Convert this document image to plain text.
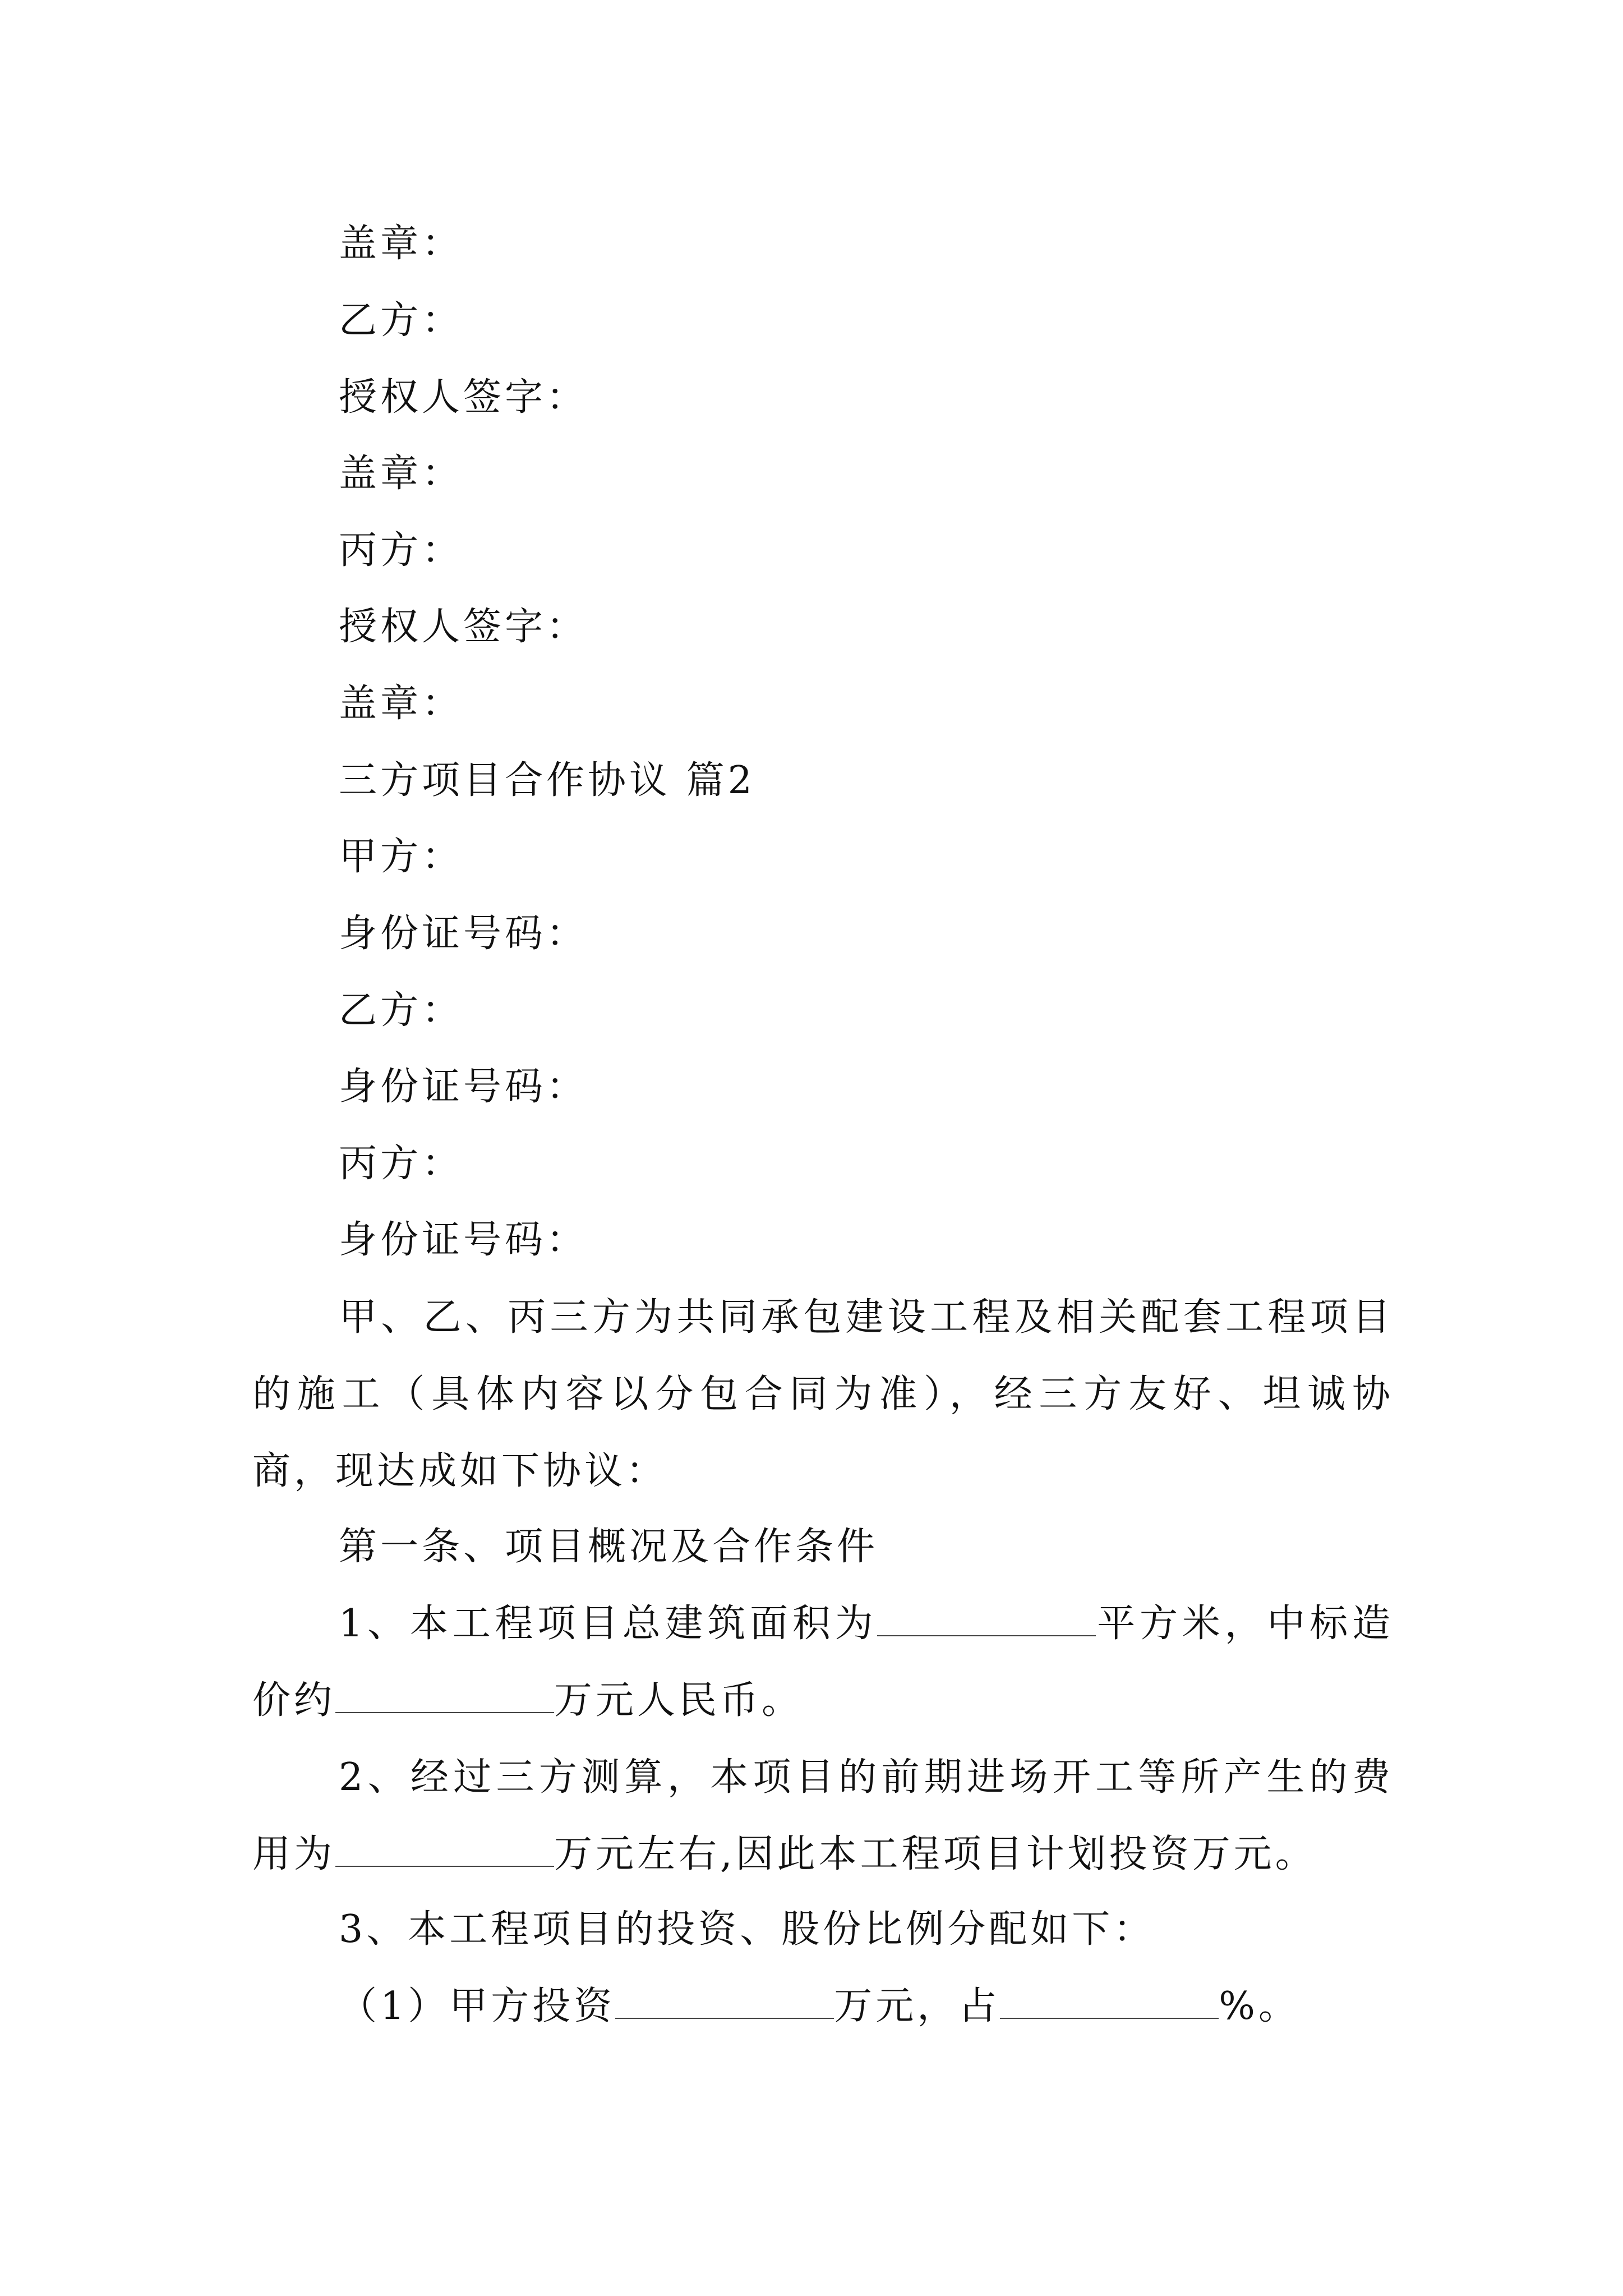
盖章：
乙方：
授权人签字：
盖章：
丙方：
授权人签字：
盖章：
三方项目合作协议 篇2
甲方：
身份证号码：
乙方：
身份证号码：
丙方：
身份证号码：
甲、乙、丙三方为共同承包建设工程及相关配套工程项目的施工（具体内容以分包合同为准），经三方友好、坦诚协商，现达成如下协议：
第一条、项目概况及合作条件
1、本工程项目总建筑面积为	平方米，中标造价约	万元人民币。
2、经过三方测算，本项目的前期进场开工等所产生的费用为	万元左右,因此本工程项目计划投资万元。
3、本工程项目的投资、股份比例分配如下：
（1）甲方投资	万元，占	%。
